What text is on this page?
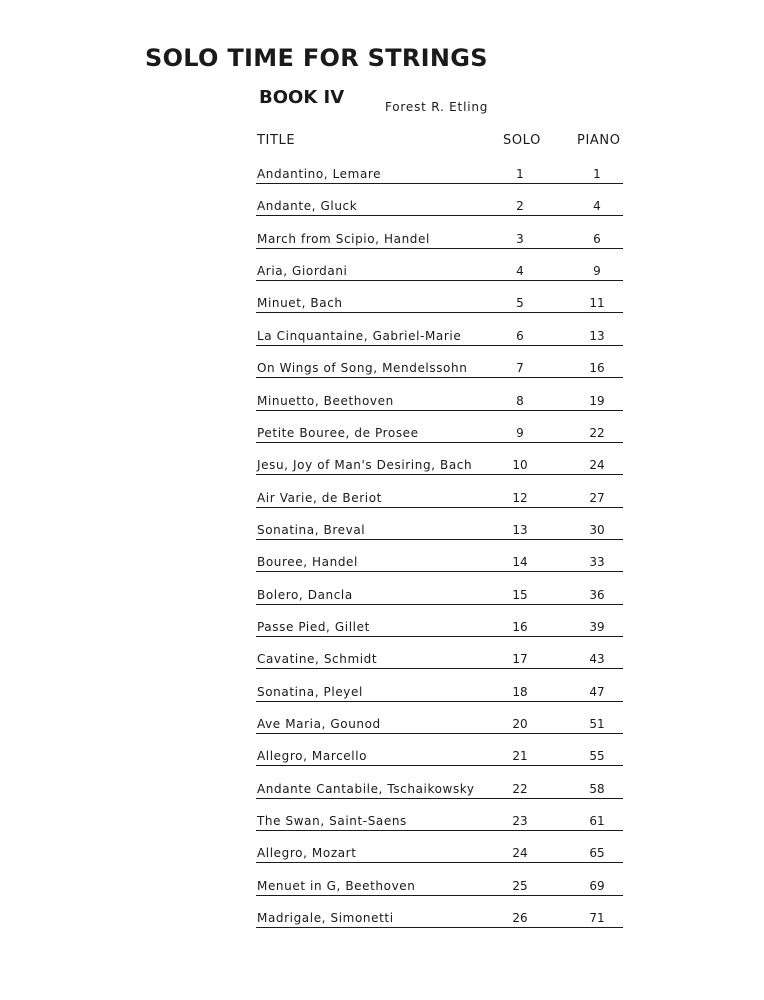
SOLO TIME FOR STRINGS
BOOK IV	Forest R. Etling
TITLE	SOLO	PIANO
Andantino, Lemare	1	1
Andante, Gluck	2	4
March from Scipio, Handel	3	6
Aria, Giordani	4	9
Minuet, Bach	5	11
La Cinquantaine, Gabriel-Marie	6	13
On Wings of Song, Mendelssohn	7	16
Minuetto, Beethoven	8	19
Petite Bouree, de Prosee	9	22
Jesu, Joy of Man's Desiring, Bach	10	24
Air Varie, de Beriot	12	27
Sonatina, Breval	13	30
Bouree, Handel	14	33
Bolero, Dancla	15	36
Passe Pied, Gillet	16	39
Cavatine, Schmidt	17	43
Sonatina, Pleyel	18	47
Ave Maria, Gounod	20	51
Allegro, Marcello	21	55
Andante Cantabile, Tschaikowsky	22	58
The Swan, Saint-Saens	23	61
Allegro, Mozart	24	65
Menuet in G, Beethoven	25	69
Madrigale, Simonetti	26	71
